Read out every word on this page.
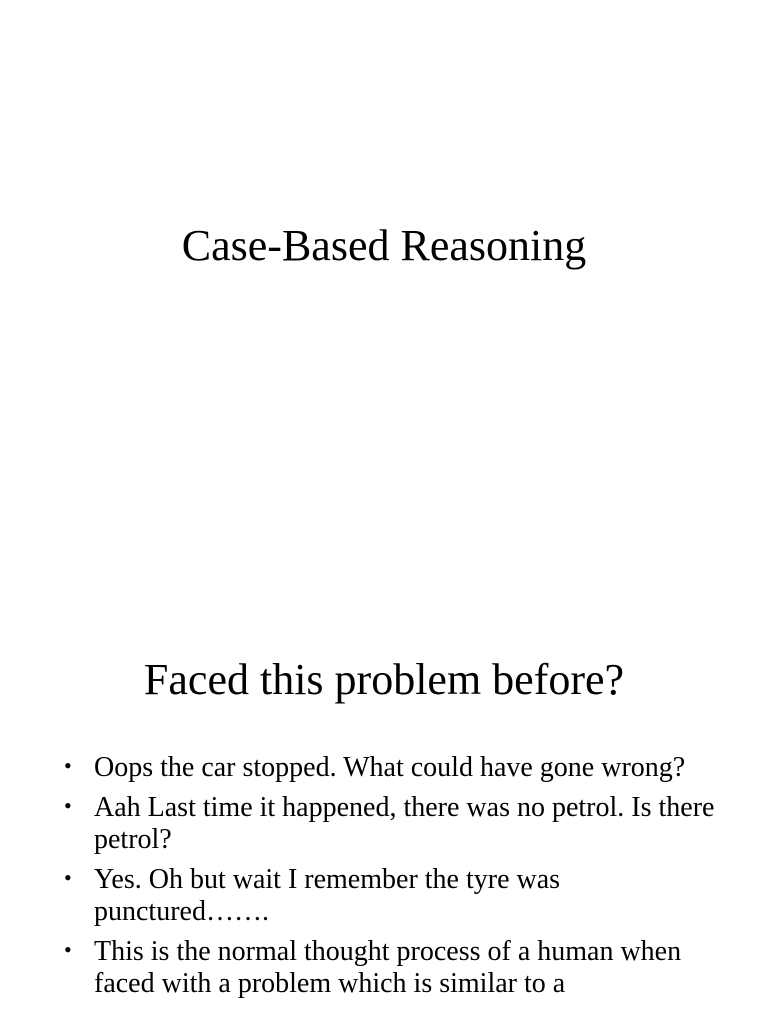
Case-Based Reasoning
Faced this problem before?
• Oops the car stopped. What could have gone wrong?
• Aah Last time it happened, there was no petrol. Is there petrol?
• Yes. Oh but wait I remember the tyre was punctured…….
• This is the normal thought process of a human when faced with a problem which is similar to a
